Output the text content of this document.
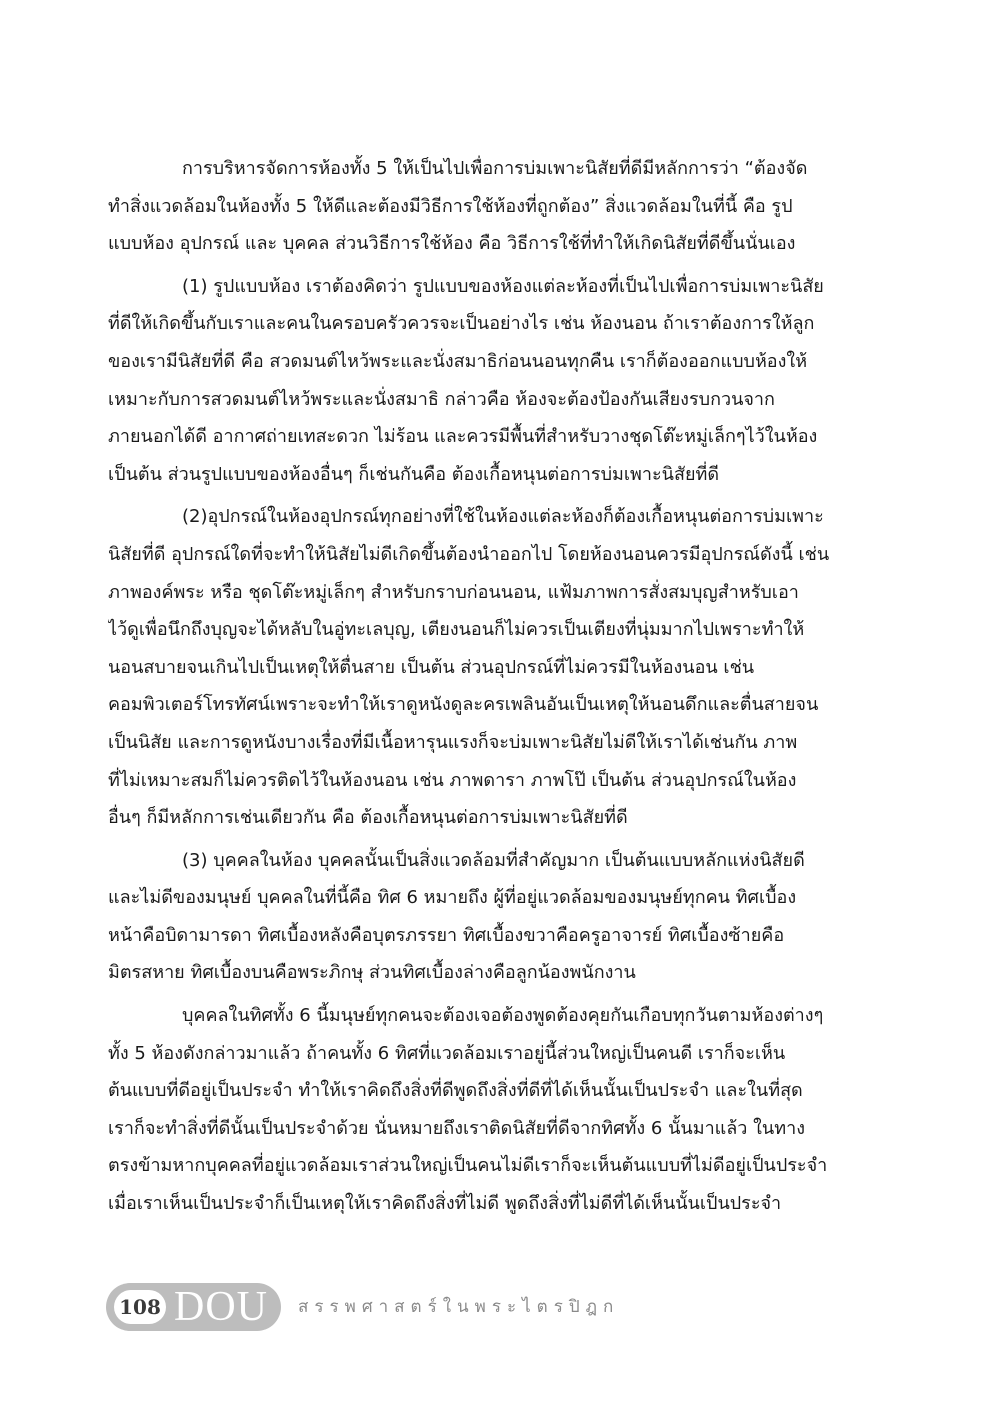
การบริหารจัดการห้องทั้ง 5 ให้เป็นไปเพื่อการบ่มเพาะนิสัยที่ดีมีหลักการว่า “ต้องจัด
ทำสิ่งแวดล้อมในห้องทั้ง 5 ให้ดีและต้องมีวิธีการใช้ห้องที่ถูกต้อง” สิ่งแวดล้อมในที่นี้ คือ รูป
แบบห้อง อุปกรณ์ และ บุคคล ส่วนวิธีการใช้ห้อง คือ วิธีการใช้ที่ทำให้เกิดนิสัยที่ดีขึ้นนั่นเอง

(1) รูปแบบห้อง เราต้องคิดว่า รูปแบบของห้องแต่ละห้องที่เป็นไปเพื่อการบ่มเพาะนิสัย
ที่ดีให้เกิดขึ้นกับเราและคนในครอบครัวควรจะเป็นอย่างไร เช่น ห้องนอน ถ้าเราต้องการให้ลูก
ของเรามีนิสัยที่ดี คือ สวดมนต์ไหว้พระและนั่งสมาธิก่อนนอนทุกคืน เราก็ต้องออกแบบห้องให้
เหมาะกับการสวดมนต์ไหว้พระและนั่งสมาธิ กล่าวคือ ห้องจะต้องป้องกันเสียงรบกวนจาก
ภายนอกได้ดี อากาศถ่ายเทสะดวก ไม่ร้อน และควรมีพื้นที่สำหรับวางชุดโต๊ะหมู่เล็กๆไว้ในห้อง
เป็นต้น ส่วนรูปแบบของห้องอื่นๆ ก็เช่นกันคือ ต้องเกื้อหนุนต่อการบ่มเพาะนิสัยที่ดี

(2)อุปกรณ์ในห้องอุปกรณ์ทุกอย่างที่ใช้ในห้องแต่ละห้องก็ต้องเกื้อหนุนต่อการบ่มเพาะ
นิสัยที่ดี อุปกรณ์ใดที่จะทำให้นิสัยไม่ดีเกิดขึ้นต้องนำออกไป โดยห้องนอนควรมีอุปกรณ์ดังนี้ เช่น
ภาพองค์พระ หรือ ชุดโต๊ะหมู่เล็กๆ สำหรับกราบก่อนนอน, แฟ้มภาพการสั่งสมบุญสำหรับเอา
ไว้ดูเพื่อนึกถึงบุญจะได้หลับในอู่ทะเลบุญ, เตียงนอนก็ไม่ควรเป็นเตียงที่นุ่มมากไปเพราะทำให้
นอนสบายจนเกินไปเป็นเหตุให้ตื่นสาย เป็นต้น ส่วนอุปกรณ์ที่ไม่ควรมีในห้องนอน เช่น
คอมพิวเตอร์โทรทัศน์เพราะจะทำให้เราดูหนังดูละครเพลินอันเป็นเหตุให้นอนดึกและตื่นสายจน
เป็นนิสัย และการดูหนังบางเรื่องที่มีเนื้อหารุนแรงก็จะบ่มเพาะนิสัยไม่ดีให้เราได้เช่นกัน ภาพ
ที่ไม่เหมาะสมก็ไม่ควรติดไว้ในห้องนอน เช่น ภาพดารา ภาพโป๊ เป็นต้น ส่วนอุปกรณ์ในห้อง
อื่นๆ ก็มีหลักการเช่นเดียวกัน คือ ต้องเกื้อหนุนต่อการบ่มเพาะนิสัยที่ดี

(3) บุคคลในห้อง บุคคลนั้นเป็นสิ่งแวดล้อมที่สำคัญมาก เป็นต้นแบบหลักแห่งนิสัยดี
และไม่ดีของมนุษย์ บุคคลในที่นี้คือ ทิศ 6 หมายถึง ผู้ที่อยู่แวดล้อมของมนุษย์ทุกคน ทิศเบื้อง
หน้าคือบิดามารดา ทิศเบื้องหลังคือบุตรภรรยา ทิศเบื้องขวาคือครูอาจารย์ ทิศเบื้องซ้ายคือ
มิตรสหาย ทิศเบื้องบนคือพระภิกษุ ส่วนทิศเบื้องล่างคือลูกน้องพนักงาน

บุคคลในทิศทั้ง 6 นี้มนุษย์ทุกคนจะต้องเจอต้องพูดต้องคุยกันเกือบทุกวันตามห้องต่างๆ
ทั้ง 5 ห้องดังกล่าวมาแล้ว ถ้าคนทั้ง 6 ทิศที่แวดล้อมเราอยู่นี้ส่วนใหญ่เป็นคนดี เราก็จะเห็น
ต้นแบบที่ดีอยู่เป็นประจำ ทำให้เราคิดถึงสิ่งที่ดีพูดถึงสิ่งที่ดีที่ได้เห็นนั้นเป็นประจำ และในที่สุด
เราก็จะทำสิ่งที่ดีนั้นเป็นประจำด้วย นั่นหมายถึงเราติดนิสัยที่ดีจากทิศทั้ง 6 นั้นมาแล้ว ในทาง
ตรงข้ามหากบุคคลที่อยู่แวดล้อมเราส่วนใหญ่เป็นคนไม่ดีเราก็จะเห็นต้นแบบที่ไม่ดีอยู่เป็นประจำ
เมื่อเราเห็นเป็นประจำก็เป็นเหตุให้เราคิดถึงสิ่งที่ไม่ดี พูดถึงสิ่งที่ไม่ดีที่ได้เห็นนั้นเป็นประจำ

108 DOU สรรพศาสตร์ในพระไตรปิฎก
